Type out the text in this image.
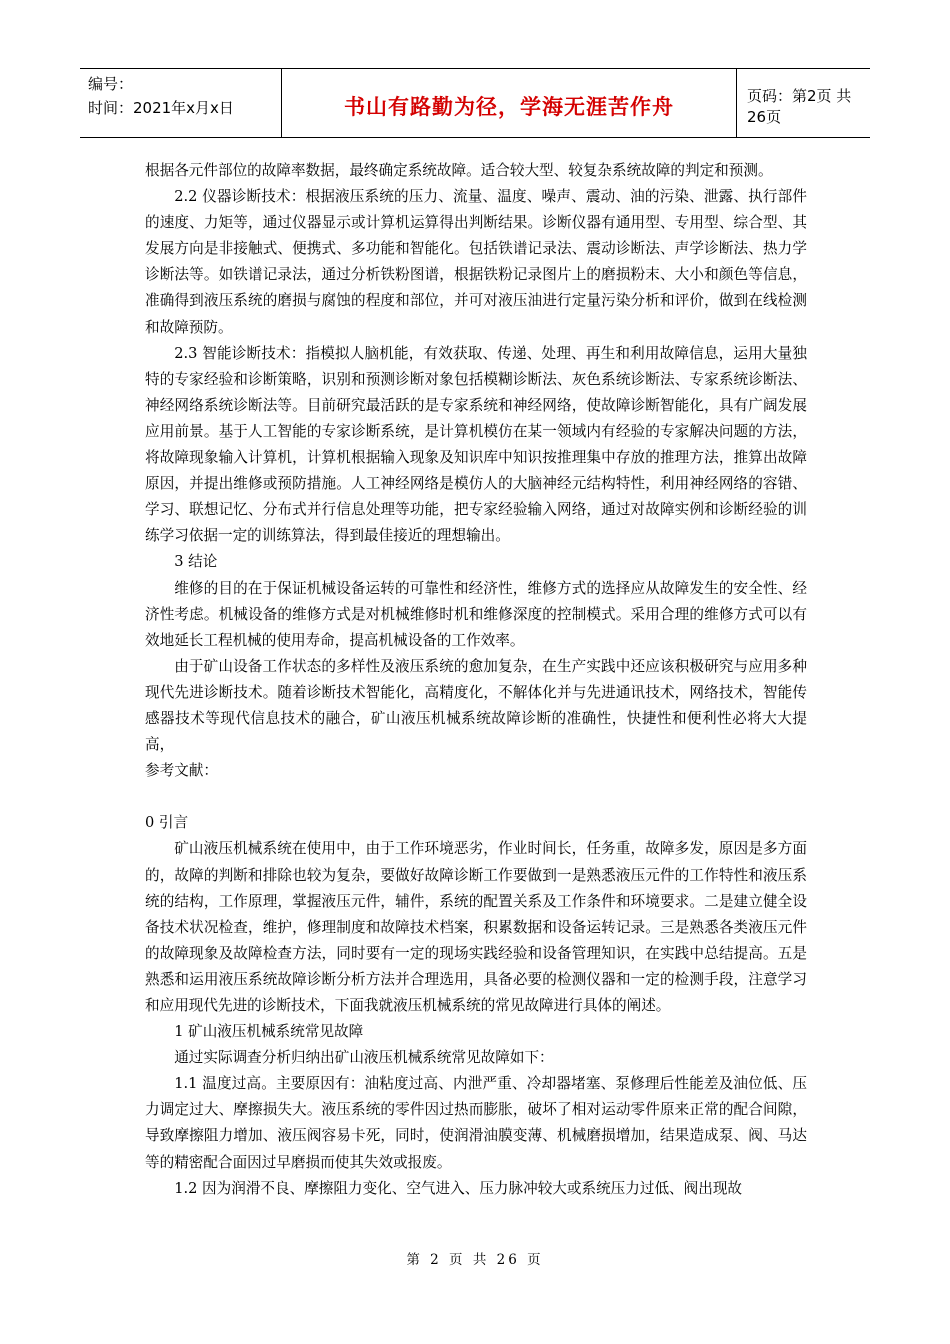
编号：
时间：2021年x月x日	书山有路勤为径，学海无涯苦作舟	页码：第2页 共26页

根据各元件部位的故障率数据，最终确定系统故障。适合较大型、较复杂系统故障的判定和预测。

2.2 仪器诊断技术：根据液压系统的压力、流量、温度、噪声、震动、油的污染、泄露、执行部件的速度、力矩等，通过仪器显示或计算机运算得出判断结果。诊断仪器有通用型、专用型、综合型、其发展方向是非接触式、便携式、多功能和智能化。包括铁谱记录法、震动诊断法、声学诊断法、热力学诊断法等。如铁谱记录法，通过分析铁粉图谱，根据铁粉记录图片上的磨损粉末、大小和颜色等信息，准确得到液压系统的磨损与腐蚀的程度和部位，并可对液压油进行定量污染分析和评价，做到在线检测和故障预防。

2.3 智能诊断技术：指模拟人脑机能，有效获取、传递、处理、再生和利用故障信息，运用大量独特的专家经验和诊断策略，识别和预测诊断对象包括模糊诊断法、灰色系统诊断法、专家系统诊断法、神经网络系统诊断法等。目前研究最活跃的是专家系统和神经网络，使故障诊断智能化，具有广阔发展应用前景。基于人工智能的专家诊断系统，是计算机模仿在某一领域内有经验的专家解决问题的方法，将故障现象输入计算机，计算机根据输入现象及知识库中知识按推理集中存放的推理方法，推算出故障原因，并提出维修或预防措施。人工神经网络是模仿人的大脑神经元结构特性，利用神经网络的容错、学习、联想记忆、分布式并行信息处理等功能，把专家经验输入网络，通过对故障实例和诊断经验的训练学习依据一定的训练算法，得到最佳接近的理想输出。

3 结论

维修的目的在于保证机械设备运转的可靠性和经济性，维修方式的选择应从故障发生的安全性、经济性考虑。机械设备的维修方式是对机械维修时机和维修深度的控制模式。采用合理的维修方式可以有效地延长工程机械的使用寿命，提高机械设备的工作效率。

由于矿山设备工作状态的多样性及液压系统的愈加复杂，在生产实践中还应该积极研究与应用多种现代先进诊断技术。随着诊断技术智能化，高精度化，不解体化并与先进通讯技术，网络技术，智能传感器技术等现代信息技术的融合，矿山液压机械系统故障诊断的准确性，快捷性和便利性必将大大提高，

参考文献：

0 引言

矿山液压机械系统在使用中，由于工作环境恶劣，作业时间长，任务重，故障多发，原因是多方面的，故障的判断和排除也较为复杂，要做好故障诊断工作要做到一是熟悉液压元件的工作特性和液压系统的结构，工作原理，掌握液压元件，辅件，系统的配置关系及工作条件和环境要求。二是建立健全设备技术状况检查，维护，修理制度和故障技术档案，积累数据和设备运转记录。三是熟悉各类液压元件的故障现象及故障检查方法，同时要有一定的现场实践经验和设备管理知识，在实践中总结提高。五是熟悉和运用液压系统故障诊断分析方法并合理选用，具备必要的检测仪器和一定的检测手段，注意学习和应用现代先进的诊断技术，下面我就液压机械系统的常见故障进行具体的阐述。

1 矿山液压机械系统常见故障

通过实际调查分析归纳出矿山液压机械系统常见故障如下：

1.1 温度过高。主要原因有：油粘度过高、内泄严重、冷却器堵塞、泵修理后性能差及油位低、压力调定过大、摩擦损失大。液压系统的零件因过热而膨胀，破坏了相对运动零件原来正常的配合间隙，导致摩擦阻力增加、液压阀容易卡死，同时，使润滑油膜变薄、机械磨损增加，结果造成泵、阀、马达等的精密配合面因过早磨损而使其失效或报废。

1.2 因为润滑不良、摩擦阻力变化、空气进入、压力脉冲较大或系统压力过低、阀出现故

第 2 页 共 26 页
